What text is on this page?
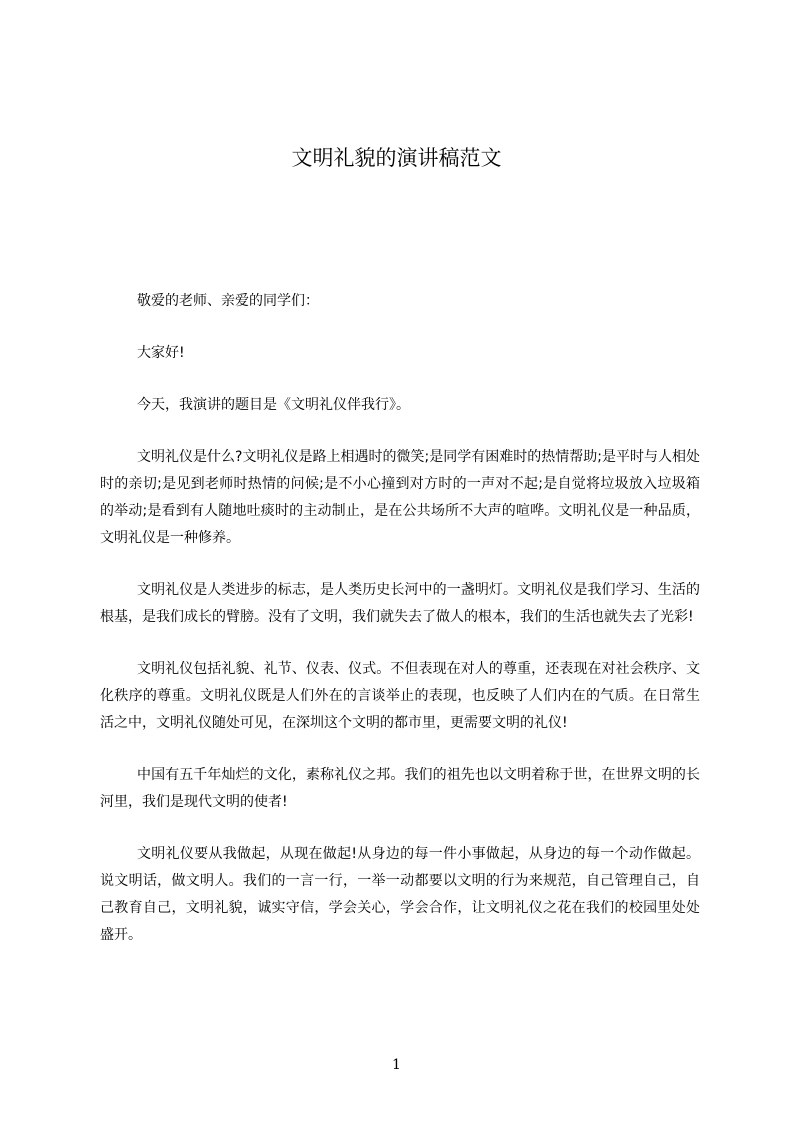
文明礼貌的演讲稿范文

敬爱的老师、亲爱的同学们：

大家好!

今天，我演讲的题目是《文明礼仪伴我行》。

文明礼仪是什么?文明礼仪是路上相遇时的微笑;是同学有困难时的热情帮助;是平时与人相处时的亲切;是见到老师时热情的问候;是不小心撞到对方时的一声对不起;是自觉将垃圾放入垃圾箱的举动;是看到有人随地吐痰时的主动制止，是在公共场所不大声的喧哗。文明礼仪是一种品质，文明礼仪是一种修养。

文明礼仪是人类进步的标志，是人类历史长河中的一盏明灯。文明礼仪是我们学习、生活的根基，是我们成长的臂膀。没有了文明，我们就失去了做人的根本，我们的生活也就失去了光彩!

文明礼仪包括礼貌、礼节、仪表、仪式。不但表现在对人的尊重，还表现在对社会秩序、文化秩序的尊重。文明礼仪既是人们外在的言谈举止的表现，也反映了人们内在的气质。在日常生活之中，文明礼仪随处可见，在深圳这个文明的都市里，更需要文明的礼仪!

中国有五千年灿烂的文化，素称礼仪之邦。我们的祖先也以文明着称于世，在世界文明的长河里，我们是现代文明的使者!

文明礼仪要从我做起，从现在做起!从身边的每一件小事做起，从身边的每一个动作做起。说文明话，做文明人。我们的一言一行，一举一动都要以文明的行为来规范，自己管理自己，自己教育自己，文明礼貌，诚实守信，学会关心，学会合作，让文明礼仪之花在我们的校园里处处盛开。

1
